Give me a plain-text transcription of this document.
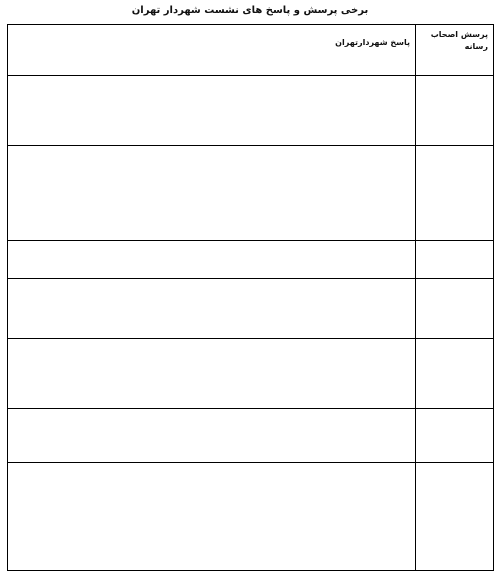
برخی پرسش و پاسخ های نشست شهردار تهران
پرسش اصحاب رسانه	پاسخ شهردارتهران
